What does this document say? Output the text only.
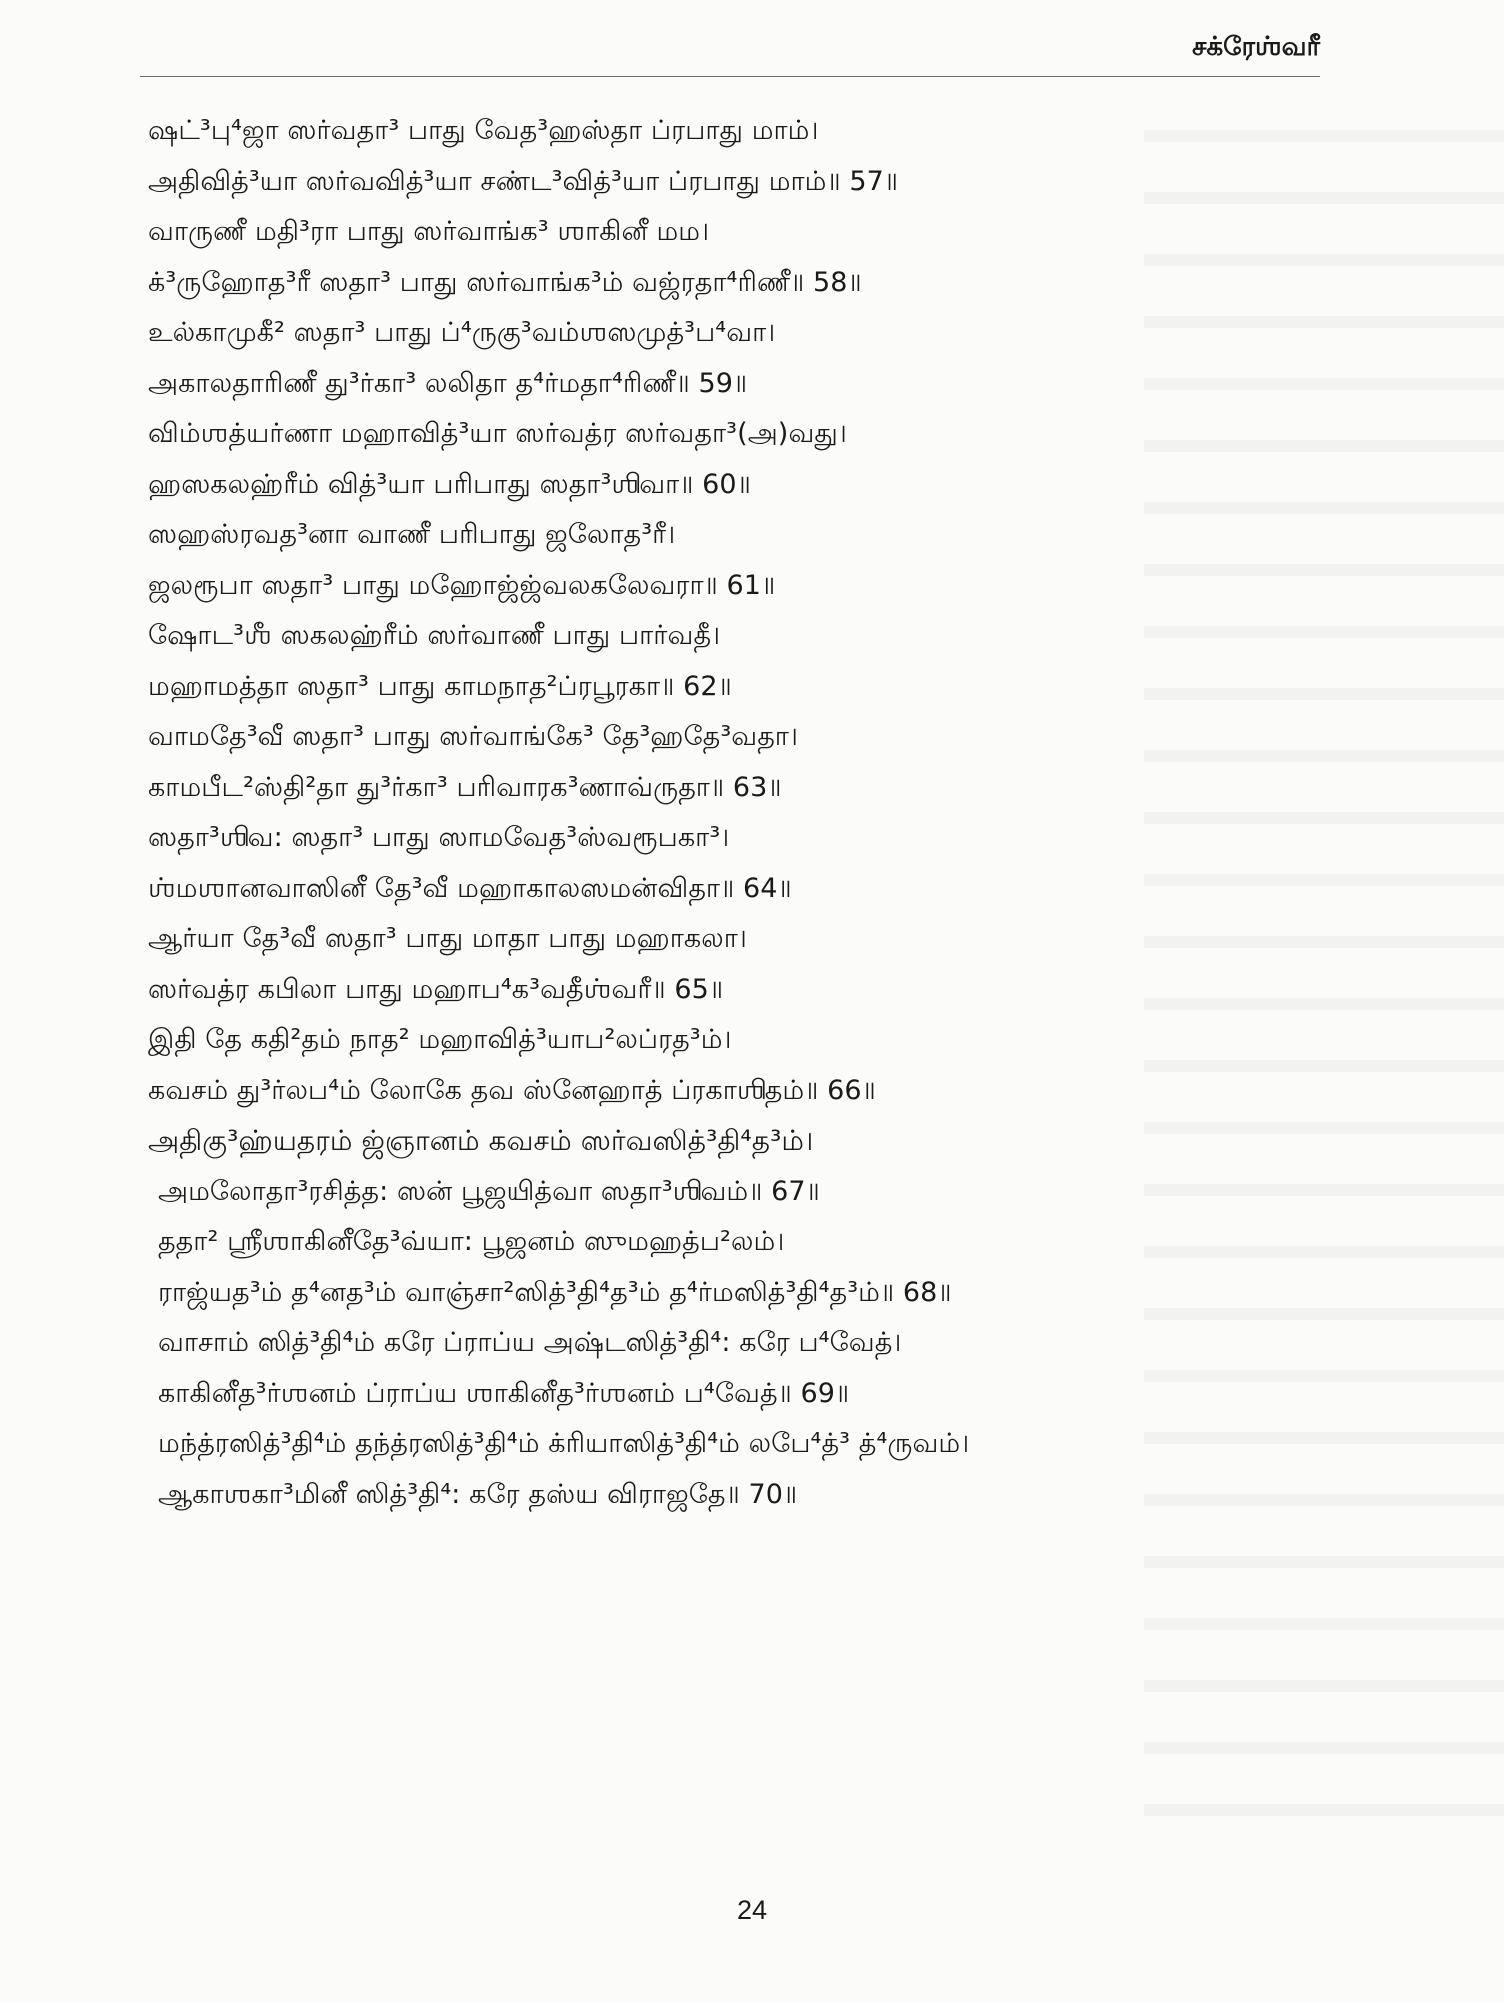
சக்ரேஶ்வரீ
ஷட்³பு⁴ஜா ஸர்வதா³ பாது வேத³ஹஸ்தா ப்ரபாது மாம்।
அதிவித்³யா ஸர்வவித்³யா சண்ட³வித்³யா ப்ரபாது மாம்॥ 57॥
வாருணீ மதி³ரா பாது ஸர்வாங்க³ ஶாகினீ மம।
க்³ருஹோத³ரீ ஸதா³ பாது ஸர்வாங்க³ம் வஜ்ரதா⁴ரிணீ॥ 58॥
உல்காமுகீ² ஸதா³ பாது ப்⁴ருகு³வம்ஶஸமுத்³ப⁴வா।
அகாலதாரிணீ து³ர்கா³ லலிதா த⁴ர்மதா⁴ரிணீ॥ 59॥
விம்ஶத்யர்ணா மஹாவித்³யா ஸர்வத்ர ஸர்வதா³(அ)வது।
ஹஸகலஹ்ரீம் வித்³யா பரிபாது ஸதா³ஶிவா॥ 60॥
ஸஹஸ்ரவத³னா வாணீ பரிபாது ஜலோத³ரீ।
ஜலரூபா ஸதா³ பாது மஹோஜ்ஜ்வலகலேவரா॥ 61॥
ஷோட³ஶீ ஸகலஹ்ரீம் ஸர்வாணீ பாது பார்வதீ।
மஹாமத்தா ஸதா³ பாது காமநாத²ப்ரபூரகா॥ 62॥
வாமதே³வீ ஸதா³ பாது ஸர்வாங்கே³ தே³ஹதே³வதா।
காமபீட²ஸ்தி²தா து³ர்கா³ பரிவாரக³ணாவ்ருதா॥ 63॥
ஸதா³ஶிவ꞉ ஸதா³ பாது ஸாமவேத³ஸ்வரூபகா³।
ஶ்மஶானவாஸினீ தே³வீ மஹாகாலஸமன்விதா॥ 64॥
ஆர்யா தே³வீ ஸதா³ பாது மாதா பாது மஹாகலா।
ஸர்வத்ர கபிலா பாது மஹாப⁴க³வதீஶ்வரீ॥ 65॥
இதி தே கதி²தம் நாத² மஹாவித்³யாப²லப்ரத³ம்।
கவசம் து³ர்லப⁴ம் லோகே தவ ஸ்னேஹாத் ப்ரகாஶிதம்॥ 66॥
அதிகு³ஹ்யதரம் ஜ்ஞானம் கவசம் ஸர்வஸித்³தி⁴த³ம்।
அமலோதா³ரசித்த꞉ ஸன் பூஜயித்வா ஸதா³ஶிவம்॥ 67॥
ததா² ஶ்ரீஶாகினீதே³வ்யா꞉ பூஜனம் ஸுமஹத்ப²லம்।
ராஜ்யத³ம் த⁴னத³ம் வாஞ்சா²ஸித்³தி⁴த³ம் த⁴ர்மஸித்³தி⁴த³ம்॥ 68॥
வாசாம் ஸித்³தி⁴ம் கரே ப்ராப்ய அஷ்டஸித்³தி⁴꞉ கரே ப⁴வேத்।
காகினீத³ர்ஶனம் ப்ராப்ய ஶாகினீத³ர்ஶனம் ப⁴வேத்॥ 69॥
மந்த்ரஸித்³தி⁴ம் தந்த்ரஸித்³தி⁴ம் க்ரியாஸித்³தி⁴ம் லபே⁴த்³ த்⁴ருவம்।
ஆகாஶகா³மினீ ஸித்³தி⁴꞉ கரே தஸ்ய விராஜதே॥ 70॥
24
